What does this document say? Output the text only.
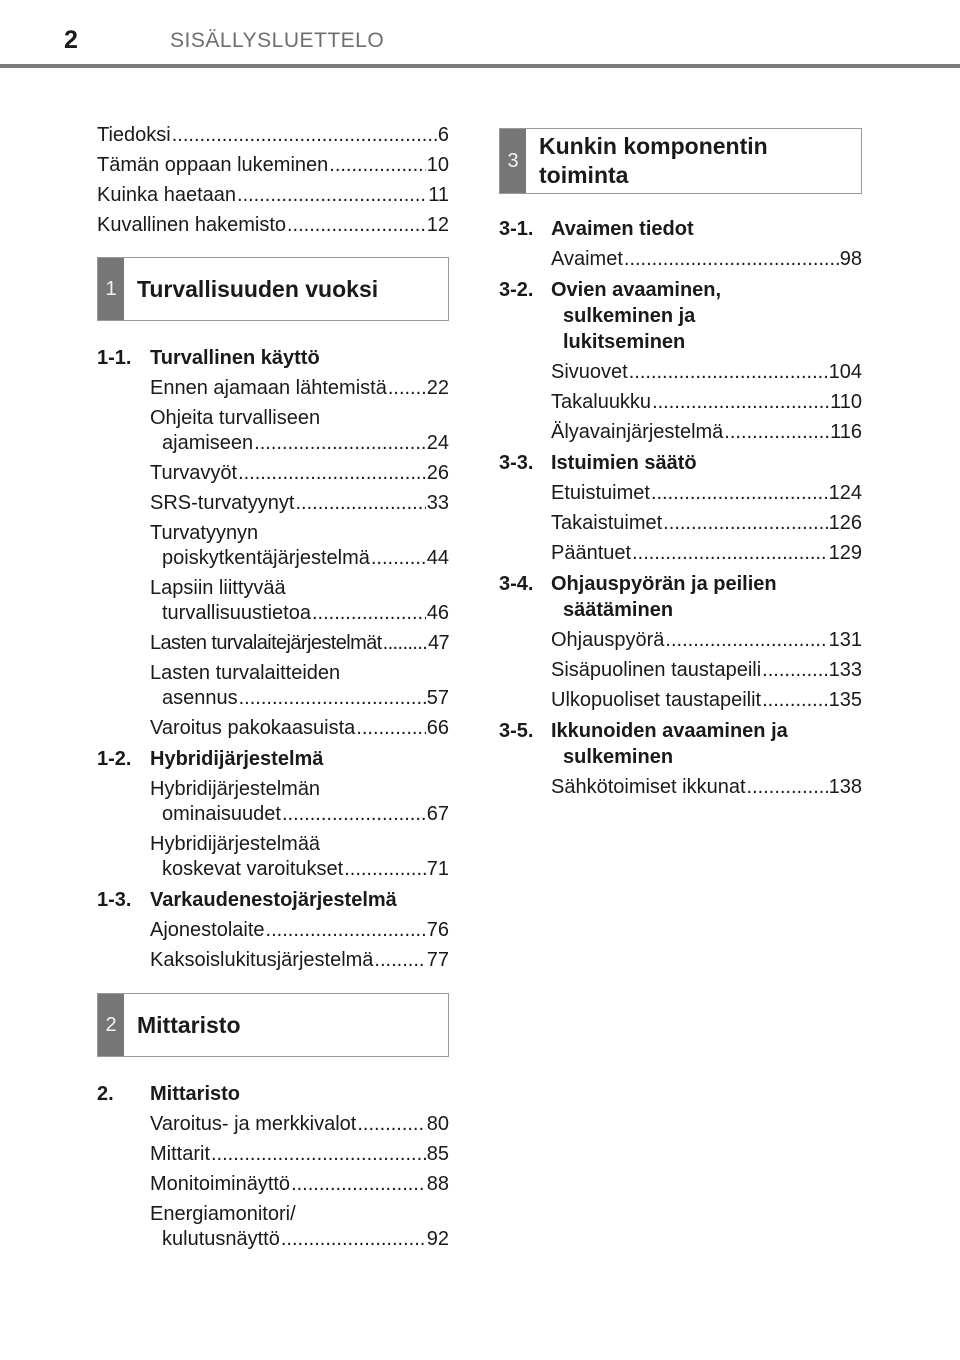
2	SISÄLLYSLUETTELO
Tiedoksi .....	6
Tämän oppaan lukeminen .....	10
Kuinka haetaan .....	11
Kuvallinen hakemisto .....	12
1 Turvallisuuden vuoksi
1-1. Turvallinen käyttö
Ennen ajamaan lähtemistä ..... 22
Ohjeita turvalliseen
ajamiseen .....	24
Turvavyöt .....	26
SRS-turvatyynyt .....	33
Turvatyynyn
poiskytkentäjärjestelmä .....	44
Lapsiin liittyvää
turvallisuustietoa .....	46
Lasten turvalaitejärjestelmät ..... 47
Lasten turvalaitteiden
asennus .....	57
Varoitus pakokaasuista .....	66
1-2. Hybridijärjestelmä
Hybridijärjestelmän
ominaisuudet .....	67
Hybridijärjestelmää
koskevat varoitukset .....	71
1-3. Varkaudenestojärjestelmä
Ajonestolaite .....	76
Kaksoislukitusjärjestelmä .....	77
2 Mittaristo
2.	Mittaristo
Varoitus- ja merkkivalot .....	80
Mittarit .....	85
Monitoiminäyttö .....	88
Energiamonitori/
kulutusnäyttö .....	92
3
Kunkin komponentin
toiminta
3-1. Avaimen tiedot
Avaimet .....	98
3-2. Ovien avaaminen,
sulkeminen ja
lukitseminen
Sivuovet .....	104
Takaluukku .....	110
Älyavainjärjestelmä .....	116
3-3. Istuimien säätö
Etuistuimet .....	124
Takaistuimet .....	126
Pääntuet .....	129
3-4. Ohjauspyörän ja peilien
säätäminen
Ohjauspyörä .....	131
Sisäpuolinen taustapeili .....	133
Ulkopuoliset taustapeilit .....	135
3-5. Ikkunoiden avaaminen ja
sulkeminen
Sähkötoimiset ikkunat .....	138
